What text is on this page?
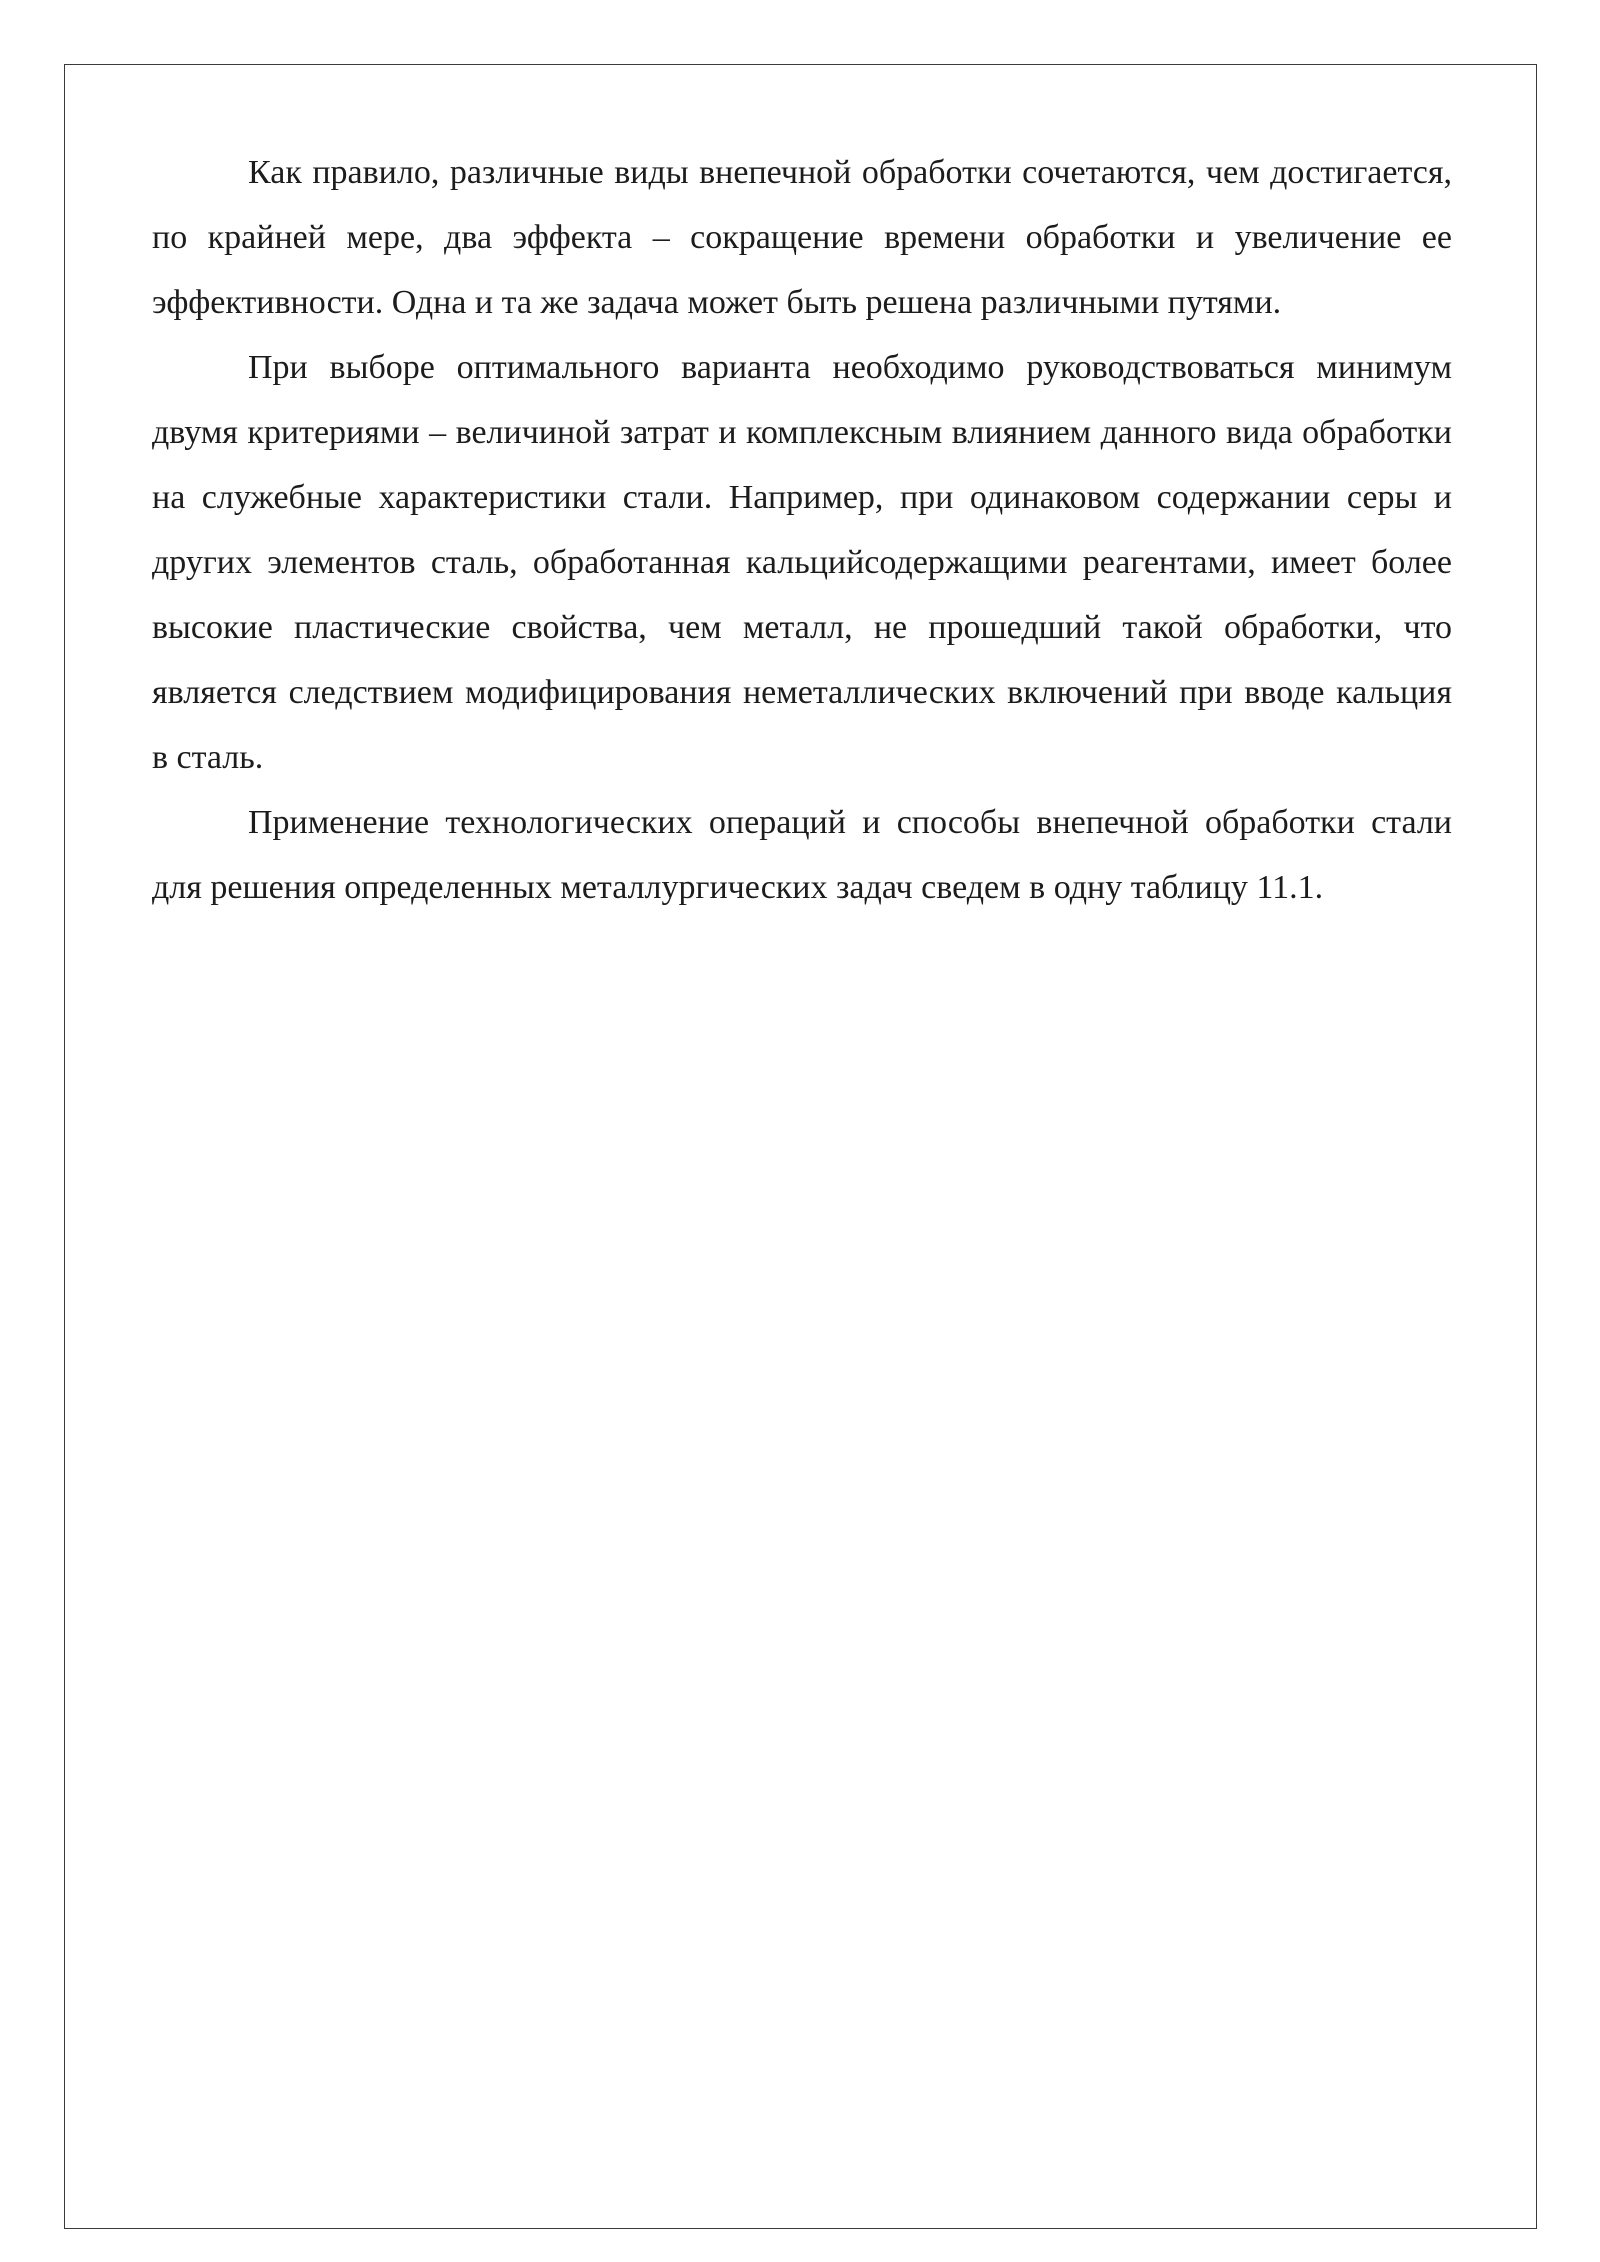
Как правило, различные виды внепечной обработки сочетаются, чем достигается, по крайней мере, два эффекта – сокращение времени обработки и увеличение ее эффективности. Одна и та же задача может быть решена различными путями.

При выборе оптимального варианта необходимо руководствоваться минимум двумя критериями – величиной затрат и комплексным влиянием данного вида обработки на служебные характеристики стали. Например, при одинаковом содержании серы и других элементов сталь, обработанная кальцийсодержащими реагентами, имеет более высокие пластические свойства, чем металл, не прошедший такой обработки, что является следствием модифицирования неметаллических включений при вводе кальция в сталь.

Применение технологических операций и способы внепечной обработки стали для решения определенных металлургических задач сведем в одну таблицу 11.1.
